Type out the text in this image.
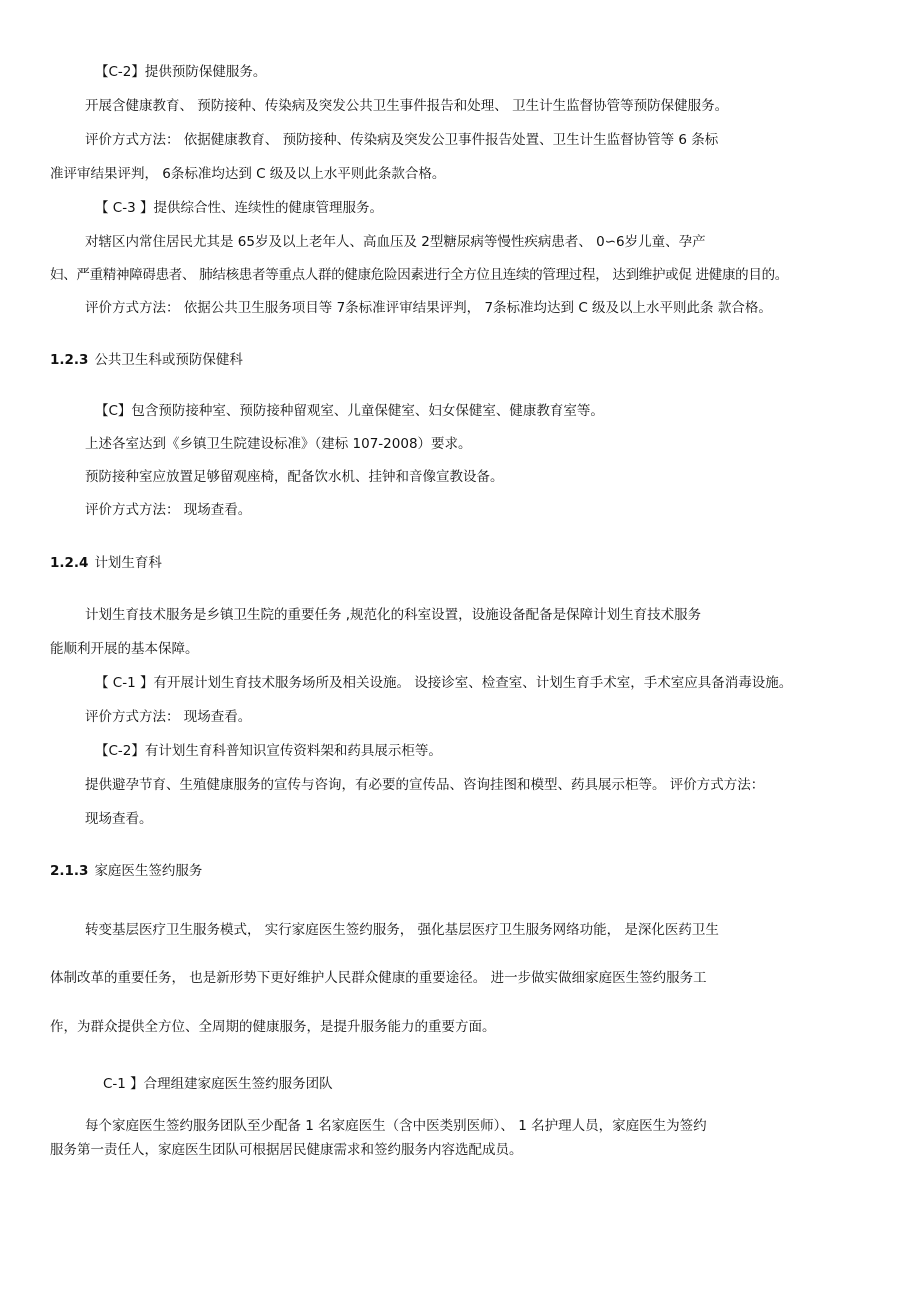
【C-2】提供预防保健服务。
开展含健康教育、 预防接种、传染病及突发公共卫生事件报告和处理、 卫生计生监督协管等预防保健服务。
评价方式方法： 依据健康教育、 预防接种、传染病及突发公卫事件报告处置、卫生计生监督协管等 6 条标
准评审结果评判， 6条标准均达到 C 级及以上水平则此条款合格。
【 C-3 】提供综合性、连续性的健康管理服务。
对辖区内常住居民尤其是 65岁及以上老年人、高血压及 2型糖尿病等慢性疾病患者、 0∽6岁儿童、孕产
妇、严重精神障碍患者、 肺结核患者等重点人群的健康危险因素进行全方位且连续的管理过程， 达到维护或促 进健康的目的。
评价方式方法： 依据公共卫生服务项目等 7条标准评审结果评判， 7条标准均达到 C 级及以上水平则此条 款合格。
1.2.3 公共卫生科或预防保健科
【C】包含预防接种室、预防接种留观室、儿童保健室、妇女保健室、健康教育室等。
上述各室达到《乡镇卫生院建设标准》（建标 107-2008）要求。
预防接种室应放置足够留观座椅，配备饮水机、挂钟和音像宣教设备。
评价方式方法： 现场查看。
1.2.4 计划生育科
计划生育技术服务是乡镇卫生院的重要任务 ,规范化的科室设置，设施设备配备是保障计划生育技术服务
能顺利开展的基本保障。
【 C-1 】有开展计划生育技术服务场所及相关设施。 设接诊室、检查室、计划生育手术室，手术室应具备消毒设施。
评价方式方法： 现场查看。
【C-2】有计划生育科普知识宣传资料架和药具展示柜等。
提供避孕节育、生殖健康服务的宣传与咨询，有必要的宣传品、咨询挂图和模型、药具展示柜等。 评价方式方法：
现场查看。
2.1.3 家庭医生签约服务
转变基层医疗卫生服务模式， 实行家庭医生签约服务， 强化基层医疗卫生服务网络功能， 是深化医药卫生
体制改革的重要任务， 也是新形势下更好维护人民群众健康的重要途径。 进一步做实做细家庭医生签约服务工
作，为群众提供全方位、全周期的健康服务，是提升服务能力的重要方面。
C-1 】合理组建家庭医生签约服务团队
每个家庭医生签约服务团队至少配备 1 名家庭医生（含中医类别医师）、 1 名护理人员，家庭医生为签约
服务第一责任人，家庭医生团队可根据居民健康需求和签约服务内容选配成员。
